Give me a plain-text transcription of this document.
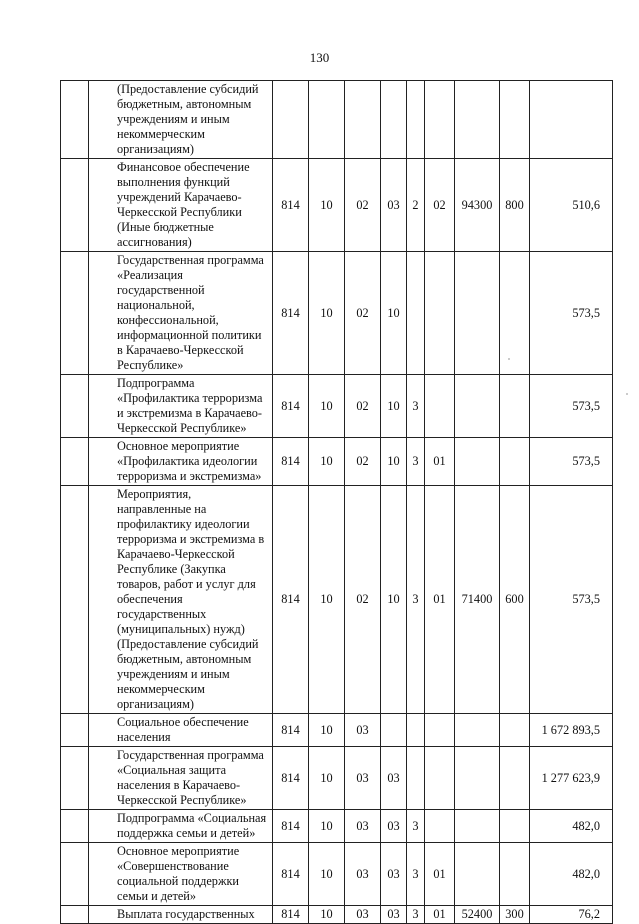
130
	(Предоставление субсидий бюджетным, автономным учреждениям и иным некоммерческим организациям)									
	Финансовое обеспечение выполнения функций учреждений Карачаево-Черкесской Республики (Иные бюджетные ассигнования)	814	10	02	03	2	02	94300	800	510,6
	Государственная программа «Реализация государственной национальной, конфессиональной, информационной политики в Карачаево-Черкесской Республике»	814	10	02	10					573,5
	Подпрограмма «Профилактика терроризма и экстремизма в Карачаево-Черкесской Республике»	814	10	02	10	3				573,5
	Основное мероприятие «Профилактика идеологии терроризма и экстремизма»	814	10	02	10	3	01			573,5
	Мероприятия, направленные на профилактику идеологии терроризма и экстремизма в Карачаево-Черкесской Республике (Закупка товаров, работ и услуг для обеспечения государственных (муниципальных) нужд) (Предоставление субсидий бюджетным, автономным учреждениям и иным некоммерческим организациям)	814	10	02	10	3	01	71400	600	573,5
	Социальное обеспечение населения	814	10	03						1 672 893,5
	Государственная программа «Социальная защита населения в Карачаево-Черкесской Республике»	814	10	03	03					1 277 623,9
	Подпрограмма «Социальная поддержка семьи и детей»	814	10	03	03	3				482,0
	Основное мероприятие «Совершенствование социальной поддержки семьи и детей»	814	10	03	03	3	01			482,0
	Выплата государственных	814	10	03	03	3	01	52400	300	76,2
